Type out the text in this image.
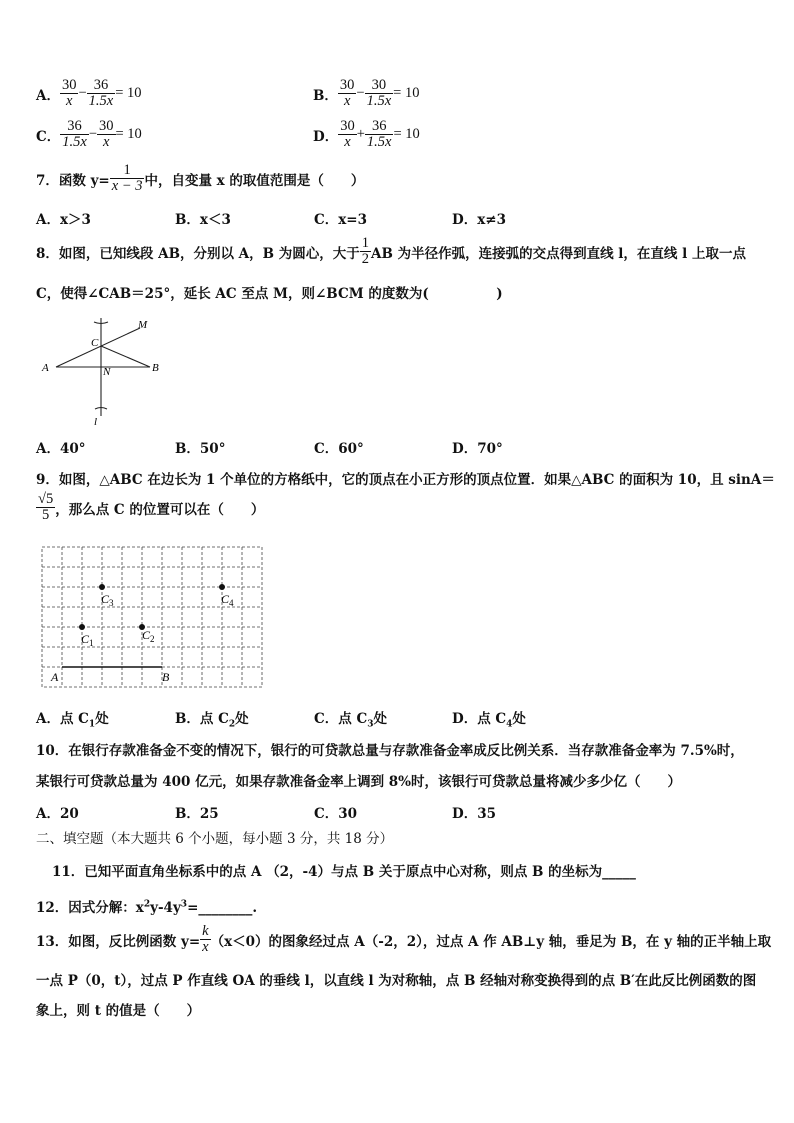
A． $\frac{30}{x} - \frac{36}{1.5x} = 10$	B． $\frac{30}{x} - \frac{30}{1.5x} = 10$
C． $\frac{36}{1.5x} - \frac{30}{x} = 10$	D． $\frac{30}{x} + \frac{36}{1.5x} = 10$
7．函数 $y= \frac{1}{x - 3}$ 中，自变量 x 的取值范围是（　　）
A．x＞3	B．x＜3	C．x=3	D．x≠3
8．如图，已知线段 AB，分别以 A，B 为圆心，大于 $\frac{1}{2}$ AB 为半径作弧，连接弧的交点得到直线 l，在直线 l 上取一点
C，使得∠CAB＝25°，延长 AC 至点 M，则∠BCM 的度数为(　　　　　)
M
C
A	N	B
l
A．40°	B．50°	C．60°	D．70°
9．如图，△ABC 在边长为 1 个单位的方格纸中，它的顶点在小正方形的顶点位置．如果△ABC 的面积为 10，且 sinA＝
$\frac{√5}{5}$ ，那么点 C 的位置可以在（　　）
$C_1$
$C_2$
$C_3$	$C_4$
A	B
A．点 $C_1$处	B．点 $C_2$处	C．点 $C_3$处	D．点 $C_4$处
10．在银行存款准备金不变的情况下，银行的可贷款总量与存款准备金率成反比例关系．当存款准备金率为 7.5%时，
某银行可贷款总量为 400 亿元，如果存款准备金率上调到 8%时，该银行可贷款总量将减少多少亿（　　）
A．20	B．25	C．30	D．35
二、填空题（本大题共 6 个小题，每小题 3 分，共 18 分）
11．已知平面直角坐标系中的点 A （2，-4）与点 B 关于原点中心对称，则点 B 的坐标为_____
12．因式分解：$x^2y-4y^3=\_\_\_\_\_\_\_\_$.
13．如图，反比例函数 $y= \frac{k}{x} (x<0)$的图象经过点 A（-2，2），过点 A 作 AB⊥y 轴，垂足为 B，在 y 轴的正半轴上取
一点 P（0，t），过点 P 作直线 OA 的垂线 l，以直线 l 为对称轴，点 B 经轴对称变换得到的点 B′在此反比例函数的图
象上，则 t 的值是（　　）
